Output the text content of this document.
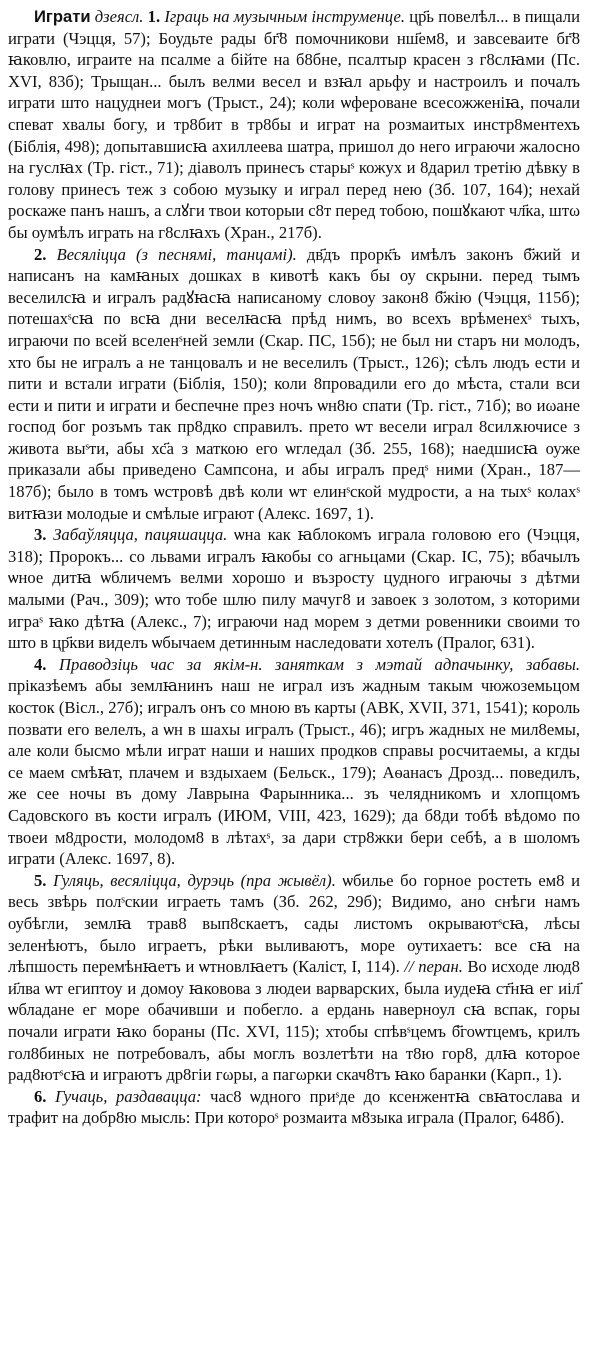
Играти дзеясл. 1. Іграць на музычным інструменце. цр҃ь повелѣл... в пищали играти (Чэцця, 57); Боудьте рады бг҃8 помочникови нш҃ем8, и завсеваите бг҃8 ꙗковлю, играите на псалме а бійте на б8бне, псалтыр красен з г8слꙗми (Пс. XVI, 83б); Трыщан... былъ велми весел и взꙗл арьфу и настроилъ и почалъ играти што нацуднеи могъ (Трыст., 24); коли ѡфероване всесожженіꙗ, почали спеват хвалы богу, и тр8бит в тр8бы и играт на розмаитых инстр8ментехъ (Біблія, 498); допытавшисꙗ ахиллеева шатра, пришол до него играючи жалосно на гуслꙗх (Тр. гіст., 71); діаволъ принесъ старыˢ кожух и 8дарил третію дѣвку в голову принесъ теж з собою музыку и играл перед нею (Зб. 107, 164); нехай роскаже панъ нашъ, а слꙋги твои которыи с8т перед тобою, пошꙋкают чл҃ка, штω бы оумѣлъ играть на г8слꙗхъ (Хран., 217б).

2. Весяліцца (з песнямі, танцамі). дв҃дъ прорк҃ъ имѣлъ законъ б҃жий и написанъ на камꙗных дошках в кивотѣ какъ бы оу скрыни. перед тымъ веселилсꙗ и игралъ радꙋꙗсꙗ написаному словоу закон8 б҃жію (Чэцця, 115б); потешахˢсꙗ по всꙗ дни веселꙗсꙗ прѣд нимъ, во всехъ врѣменехˢ тыхъ, играючи по всей вселенˢней земли (Скар. ПС, 15б); не был ни старъ ни молодъ, хто бы не игралъ а не танцовалъ и не веселилъ (Трыст., 126); сѣлъ людъ ести и пити и встали играти (Біблія, 150); коли 8провадили его до мѣста, стали вси ести и пити и играти и беспечне през ночъ ѡн8ю спати (Тр. гіст., 71б); во иωане господ бог розъмъ так пр8дко справилъ. прето ѡт весели играл 8силѫючисе з живота выˢти, абы хс҃а з маткою его ѡгледал (Зб. 255, 168); наедшисꙗ оуже приказали абы приведено Сампсона, и абы игралъ предˢ ними (Хран., 187—187б); было в томъ ѡстровѣ двѣ коли ѡт елинˢской мудрости, а на тыхˢ колахˢ витꙗзи молодые и смѣлые играют (Алекс. 1697, 1).

3. Забаўляцца, пацяшацца. ѡна как ꙗблокомъ играла головою его (Чэцця, 318); Пророкъ... со львами игралъ ꙗкобы со агньцами (Скар. ІС, 75); вбачылъ ѡное дитꙗ ѡбличемъ велми хорошо и възросту цудного играючы з дѣтми малыми (Рач., 309); ѡто тобе шлю пилу мачуг8 и завоек з золотом, з которими играˢ ꙗко дѣтꙗ (Алекс., 7); играючи над морем з детми ровенники своими то што в цр҃кви виделъ ѡбычаем детинным наследовати хотелъ (Пралог, 631).

4. Праводзіць час за якім-н. заняткам з мэтай адпачынку, забавы. прiказѣемъ абы землꙗнинъ наш не играл изъ жадным такым чюжоземьцом косток (Вісл., 27б); игралъ онъ со мною въ карты (АВК, XVII, 371, 1541); король позвати его велелъ, а ѡн в шахы игралъ (Трыст., 46); игръ жадных не мил8емы, але коли бысмо мѣли играт наши и наших продков справы росчитаемы, а кгды се маем смѣꙗт, плачем и вздыхаем (Бельск., 179); Аѳанасъ Дрозд... поведилъ, же сее ночы въ дому Лаврына Фарынника... зъ челядникомъ и хлопцомъ Садовского въ кости игралъ (ИЮМ, VIII, 423, 1629); да б8ди тобѣ вѣдомо по твоеи м8дрости, молодом8 в лѣтахˢ, за дари стр8жки бери себѣ, а в шоломъ играти (Алекс. 1697, 8).

5. Гуляць, весяліцца, дурэць (пра жывёл). ѡбилье бо горное ростеть ем8 и весь звѣрь полˢскии играеть тамъ (Зб. 262, 29б); Видимо, ано снѣги намъ оубѣгли, землꙗ трав8 вып8скаетъ, сады листомъ окрываютˢсꙗ, лѣсы зеленѣютъ, было играетъ, рѣки выливаютъ, море оутихаетъ: все сꙗ на лѣпшость перемѣнꙗетъ и ѡтновлꙗетъ (Каліст, І, 114). // перан. Во исходе люд8 и҃лва ѡт египтоу и домоу ꙗковова з людеи варварских, была иудеꙗ ст҃нꙗ ег иіл҃ ѡбладане ег море обачивши и побегло. а ердань наверноул сꙗ вспак, горы почали играти ꙗко бораны (Пс. XVI, 115); хтобы спѣвˢцемъ б҃гоѡтцемъ, крилъ гол8биных не потребовалъ, абы моглъ возлетѣти на т8ю гор8, длꙗ которое рад8ютˢсꙗ и играютъ др8гіи гωры, а пагωрки скач8тъ ꙗко баранки (Карп., 1).

6. Гучаць, раздавацца: час8 ѡдного приˢде до ксенжентꙗ свꙗтослава и трафит на добр8ю мысль: При которoˢ розмаита м8зыка играла (Пралог, 648б).
